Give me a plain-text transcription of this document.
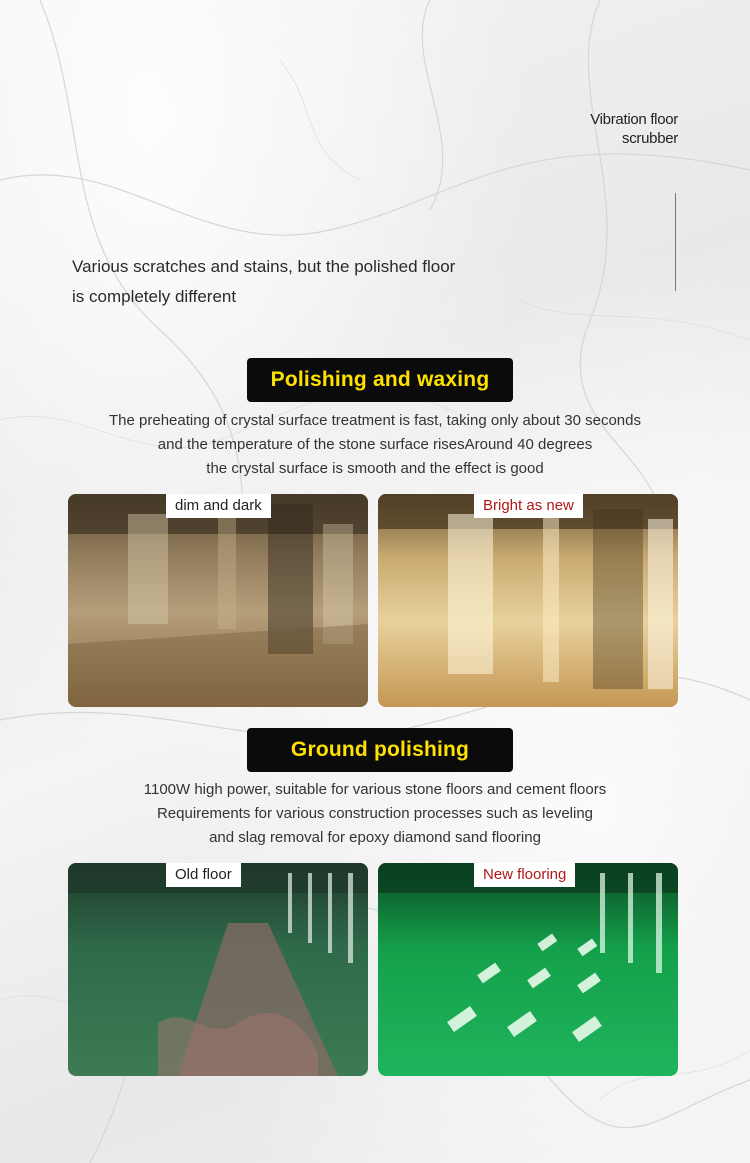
Vibration floor
scrubber
Various scratches and stains, but the polished floor
is completely different
Polishing and waxing
The preheating of crystal surface treatment is fast, taking only about 30 seconds
and the temperature of the stone surface risesAround 40 degrees
the crystal surface is smooth and the effect is good
dim and dark	Bright as new
Ground polishing
1100W high power, suitable for various stone floors and cement floors
Requirements for various construction processes such as leveling
and slag removal for epoxy diamond sand flooring
Old floor	New flooring
